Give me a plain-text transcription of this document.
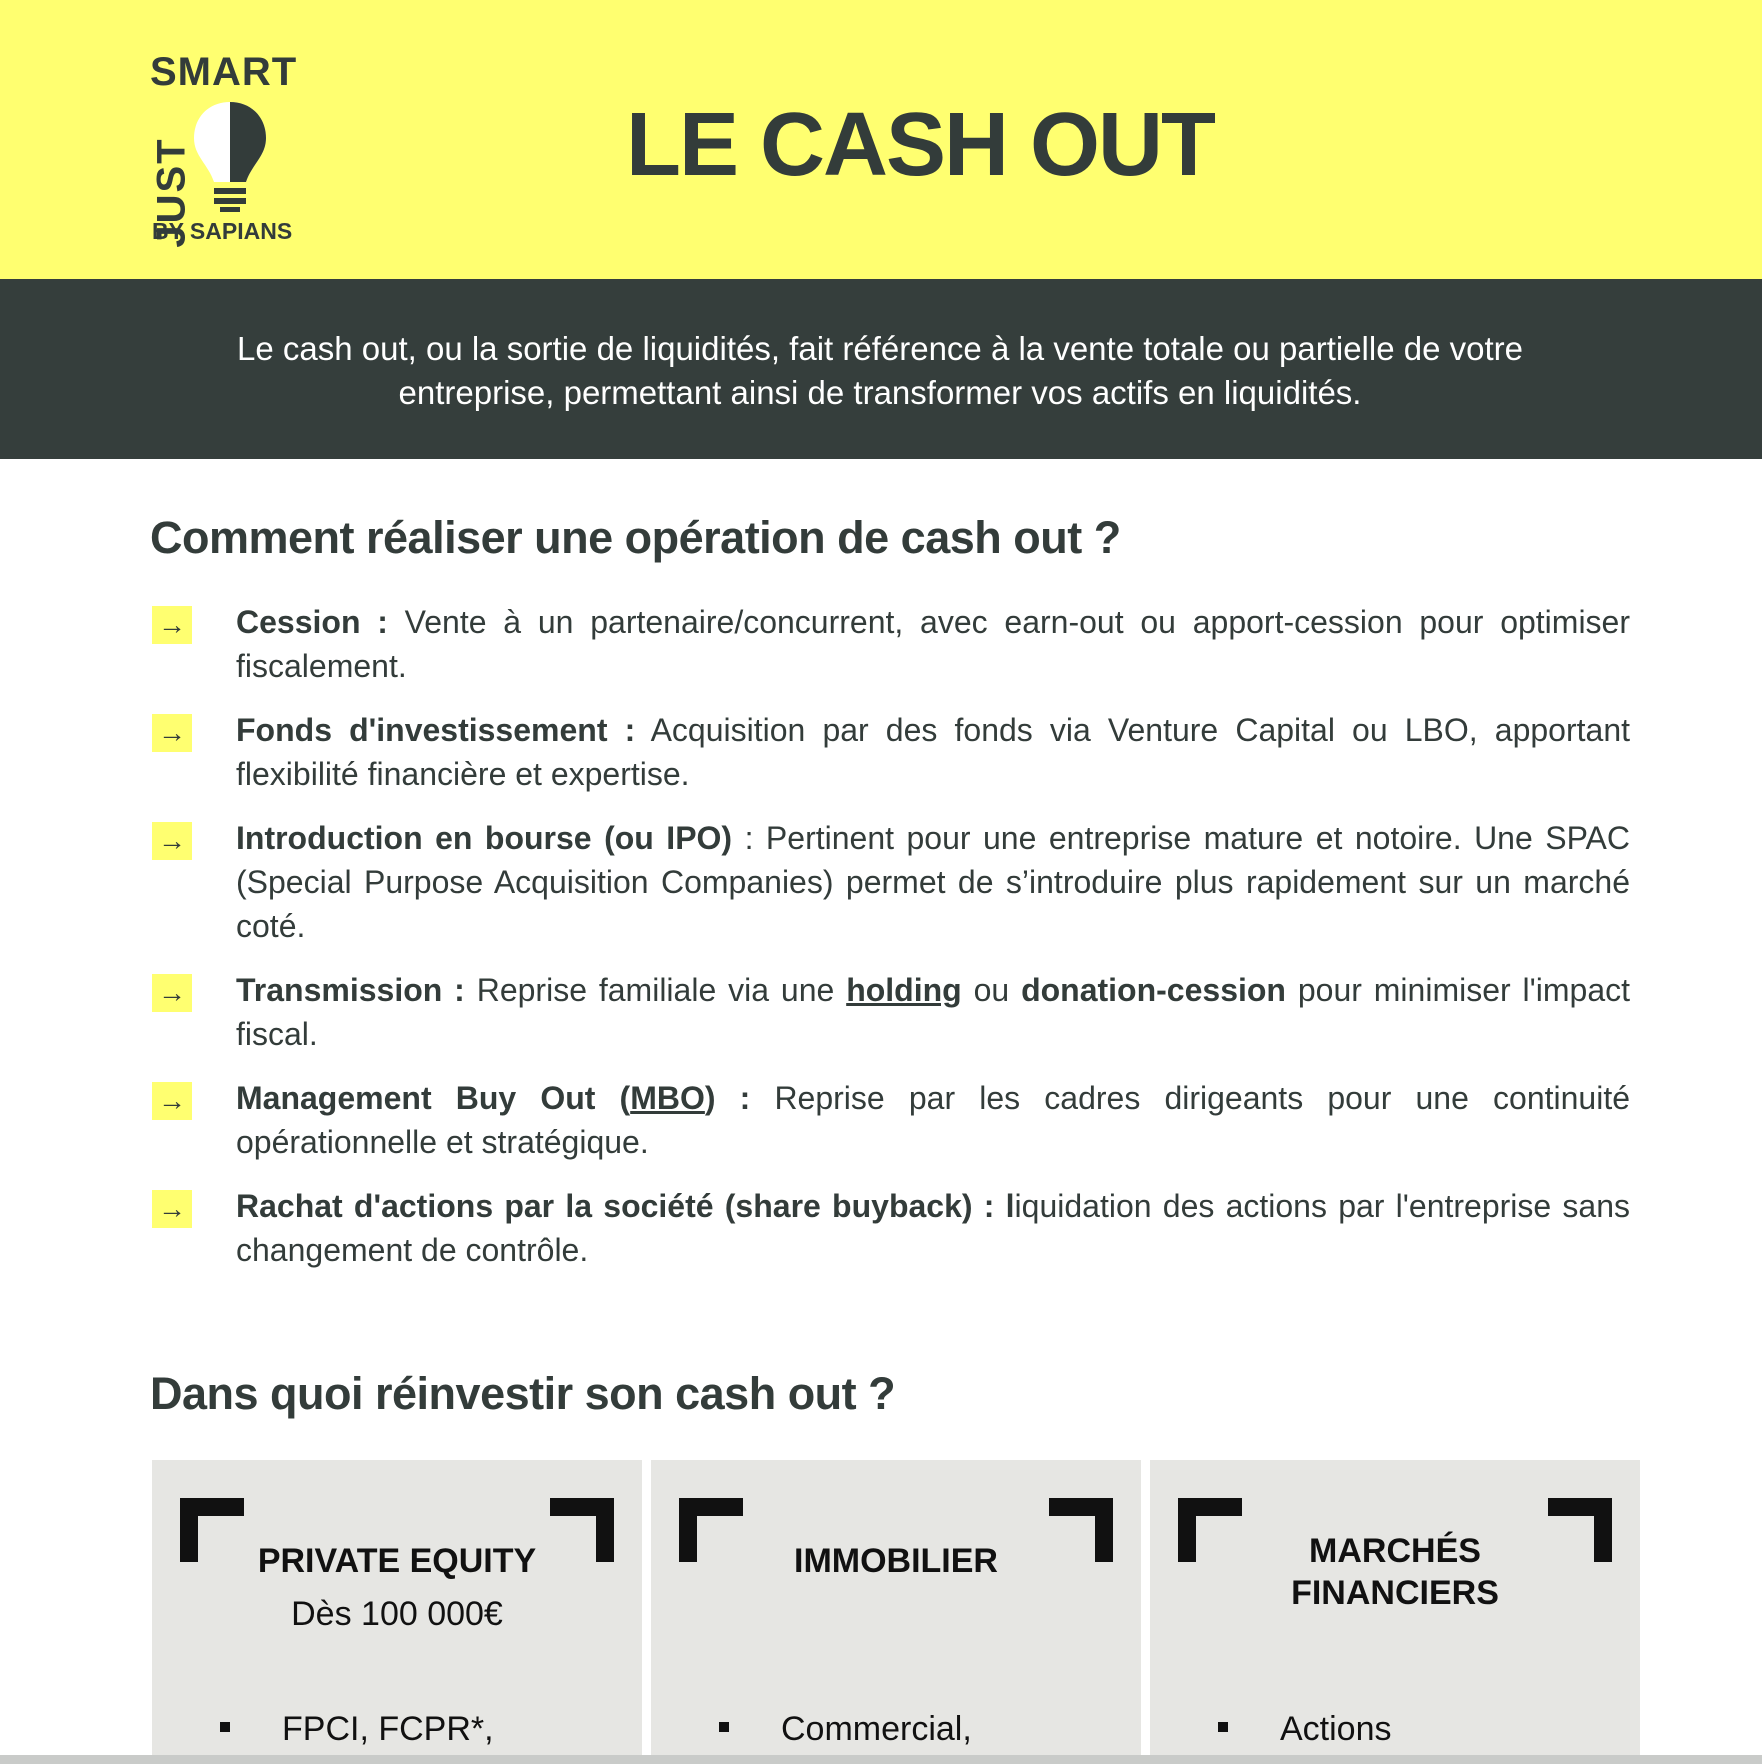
SMART
JUST
BY SAPIANS
LE CASH OUT

Le cash out, ou la sortie de liquidités, fait référence à la vente totale ou partielle de votre entreprise, permettant ainsi de transformer vos actifs en liquidités.

Comment réaliser une opération de cash out ?
→ Cession : Vente à un partenaire/concurrent, avec earn-out ou apport-cession pour optimiser fiscalement.

→ Fonds d'investissement : Acquisition par des fonds via Venture Capital ou LBO, apportant flexibilité financière et expertise.

→ Introduction en bourse (ou IPO) : Pertinent pour une entreprise mature et notoire. Une SPAC (Special Purpose Acquisition Companies) permet de s’introduire plus rapidement sur un marché coté.

→ Transmission : Reprise familiale via une holding ou donation-cession pour minimiser l'impact fiscal.

→ Management Buy Out (MBO) : Reprise par les cadres dirigeants pour une continuité opérationnelle et stratégique.

→ Rachat d'actions par la société (share buyback) : liquidation des actions par l'entreprise sans changement de contrôle.

Dans quoi réinvestir son cash out ?
PRIVATE EQUITY
Dès 100 000€
FPCI, FCPR*,
IMMOBILIER
Commercial,
MARCHÉS
FINANCIERS
Actions
